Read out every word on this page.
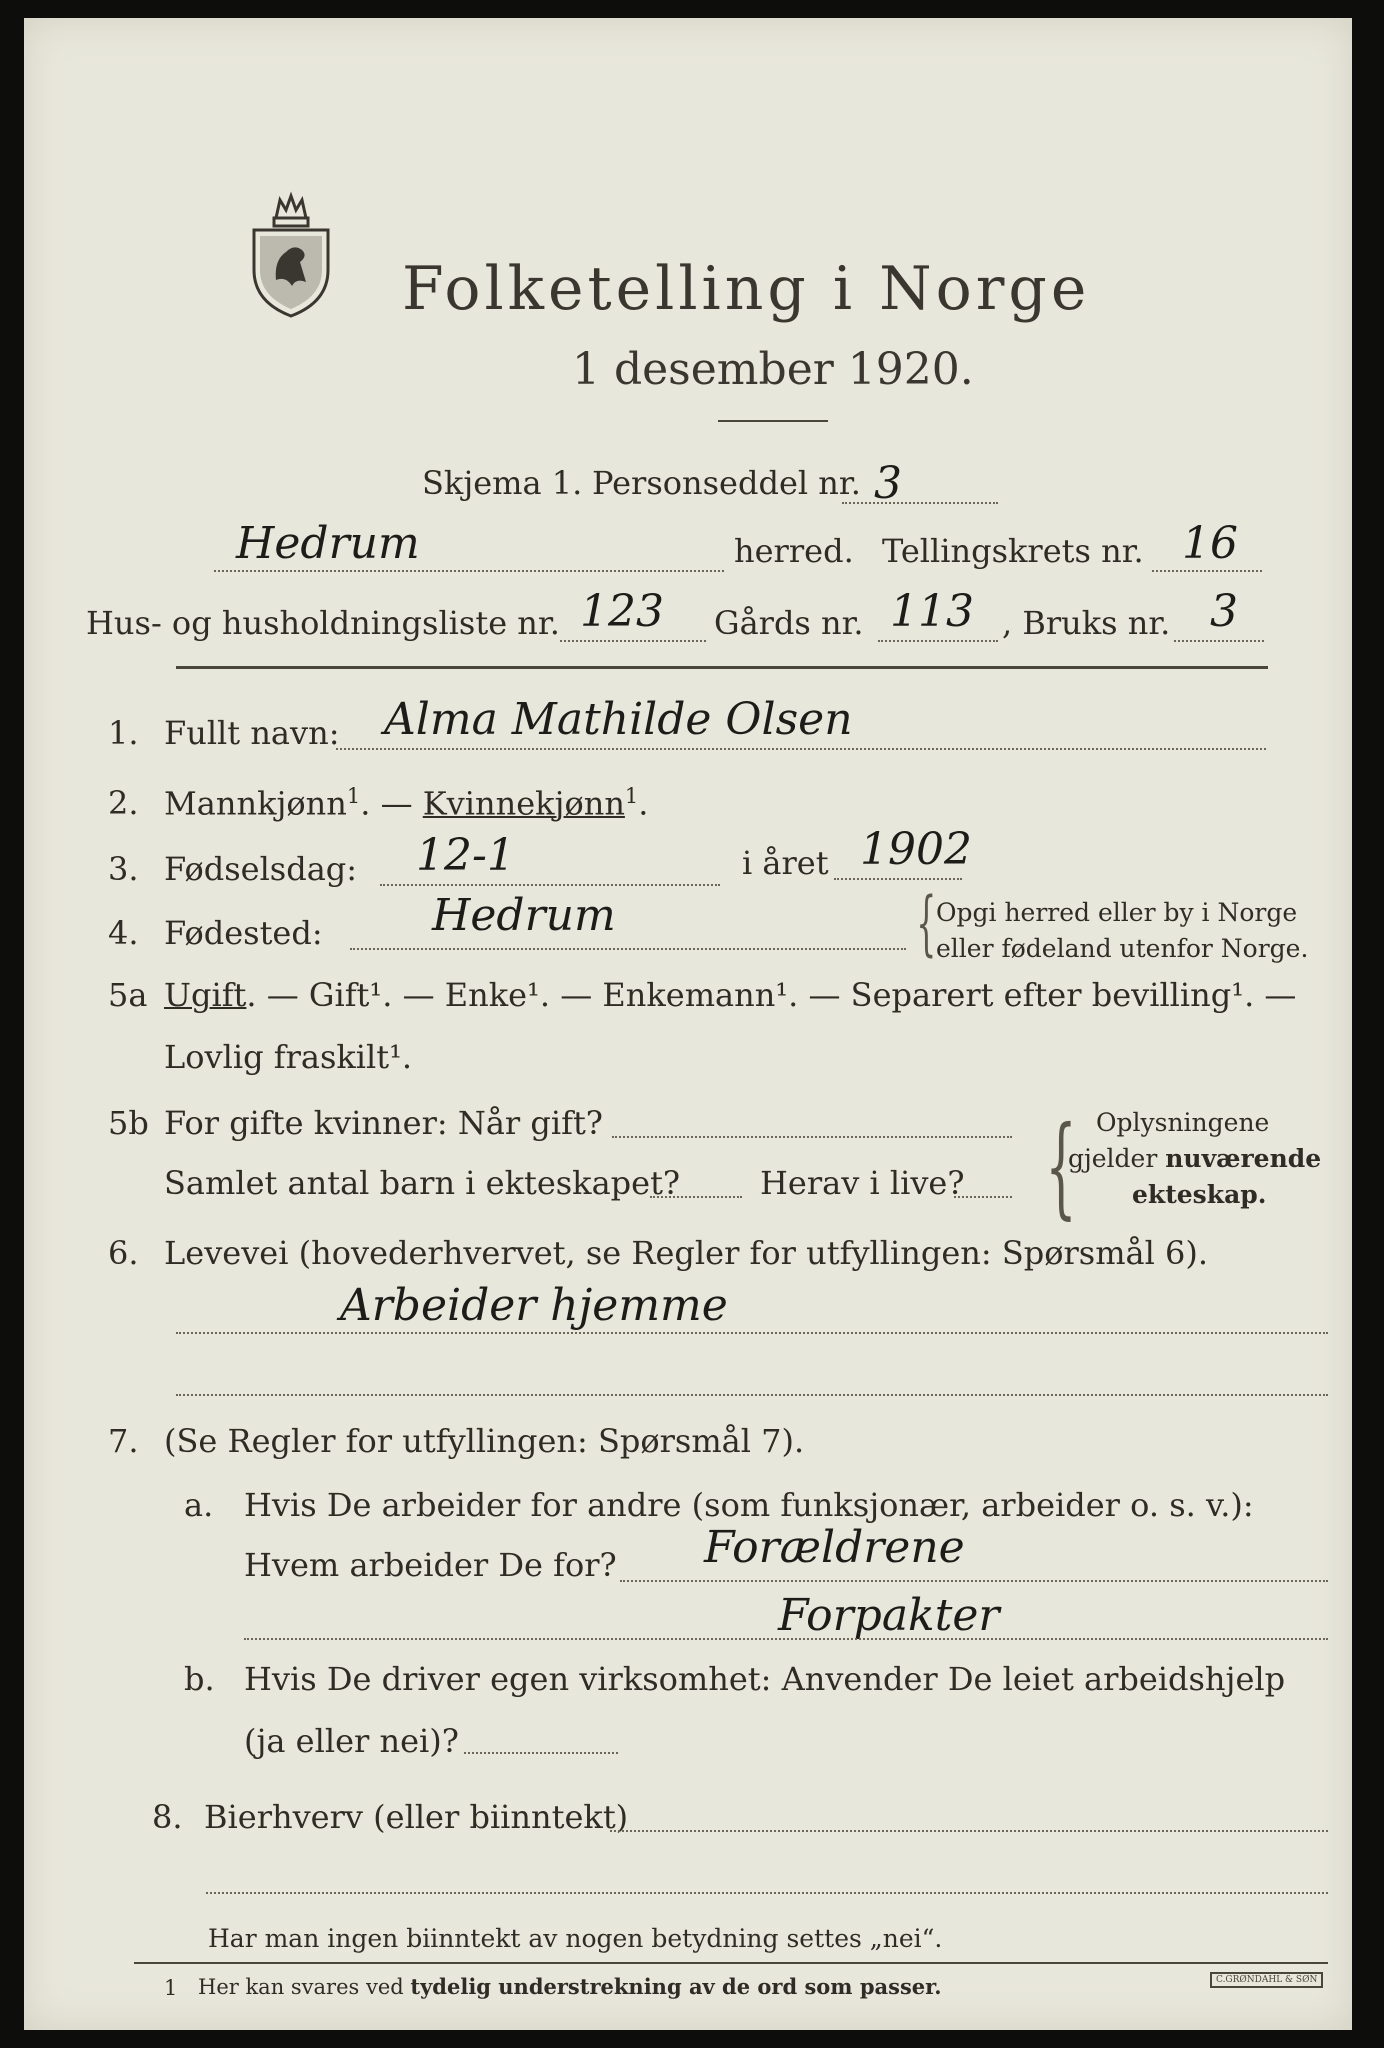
Folketelling i Norge
1 desember 1920.
Skjema 1. Personseddel nr. 3
Hedrum	herred. Tellingskrets nr. 16
Hus- og husholdningsliste nr. 123 Gårds nr. 113 , Bruks nr. 3
1. Fullt navn: Alma Mathilde Olsen
2. Mannkjønn$^1$. — Kvinnekjønn$^1$.
3. Fødselsdag: 12-1	i året 1902
4. Fødested: Hedrum	{ Opgi herred eller by i Norge
eller fødeland utenfor Norge.
5a Ugift. — Gift¹. — Enke¹. — Enkemann¹. — Separert efter bevilling¹. —
Lovlig fraskilt¹.
5b For gifte kvinner: Når gift?
Samlet antal barn i ekteskapet? Herav i live? { Oplysningene
gjelder nuværende
ekteskap.
6. Levevei (hovederhvervet, se Regler for utfyllingen: Spørsmål 6).
Arbeider hjemme
7. (Se Regler for utfyllingen: Spørsmål 7).
a. Hvis De arbeider for andre (som funksjonær, arbeider o. s. v.):
Hvem arbeider De for? Forældrene
Forpakter
b. Hvis De driver egen virksomhet: Anvender De leiet arbeidshjelp
(ja eller nei)?
8. Bierhverv (eller biinntekt)
Har man ingen biinntekt av nogen betydning settes „nei“.
1 Her kan svares ved tydelig understrekning av de ord som passer.	C.GRØNDAHL & SØN
